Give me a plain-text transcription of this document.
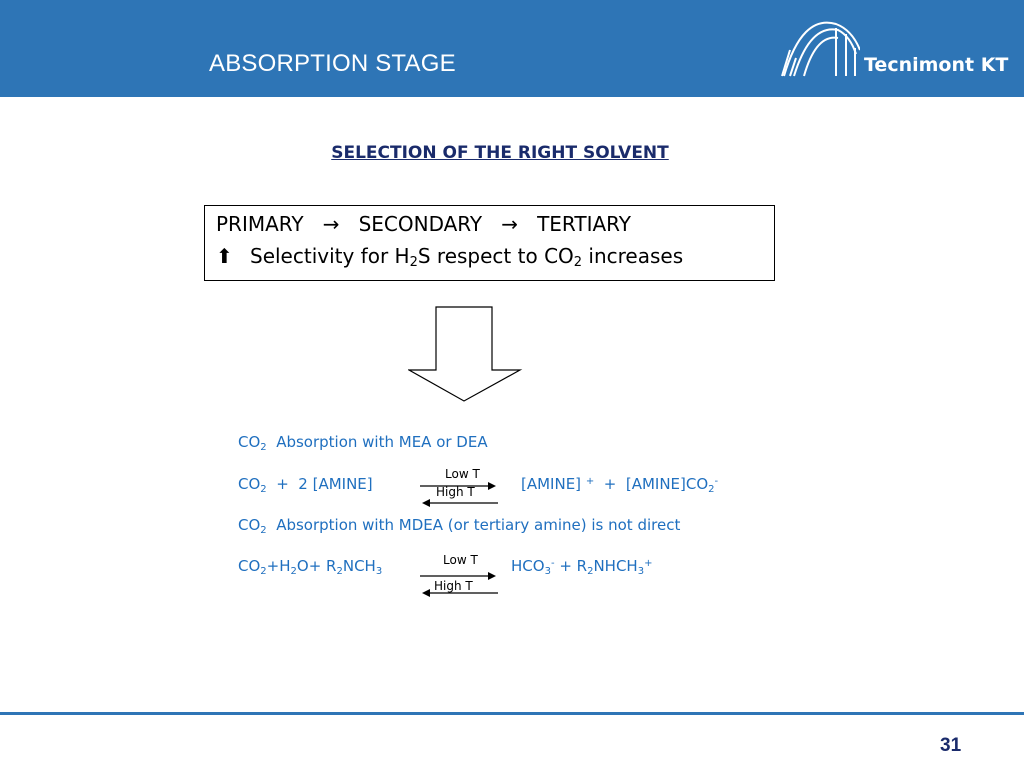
ABSORPTION STAGE	Tecnimont KT
SELECTION OF THE RIGHT SOLVENT
PRIMARY → SECONDARY → TERTIARY
⬆ Selectivity for $H_2S$ respect to $CO_2$ increases
$CO_2$  Absorption with MEA or DEA
$CO_2 + 2$ [AMINE]
Low T
High T	[AMINE] $^+ + [AMINE]CO_2^-$
$CO_2$  Absorption with MDEA (or tertiary amine) is not direct
$CO_2+H_2O+ R_2NCH_3$
Low T
High T
$HCO_3^-$ + $R_2NHCH_3^+$
31
